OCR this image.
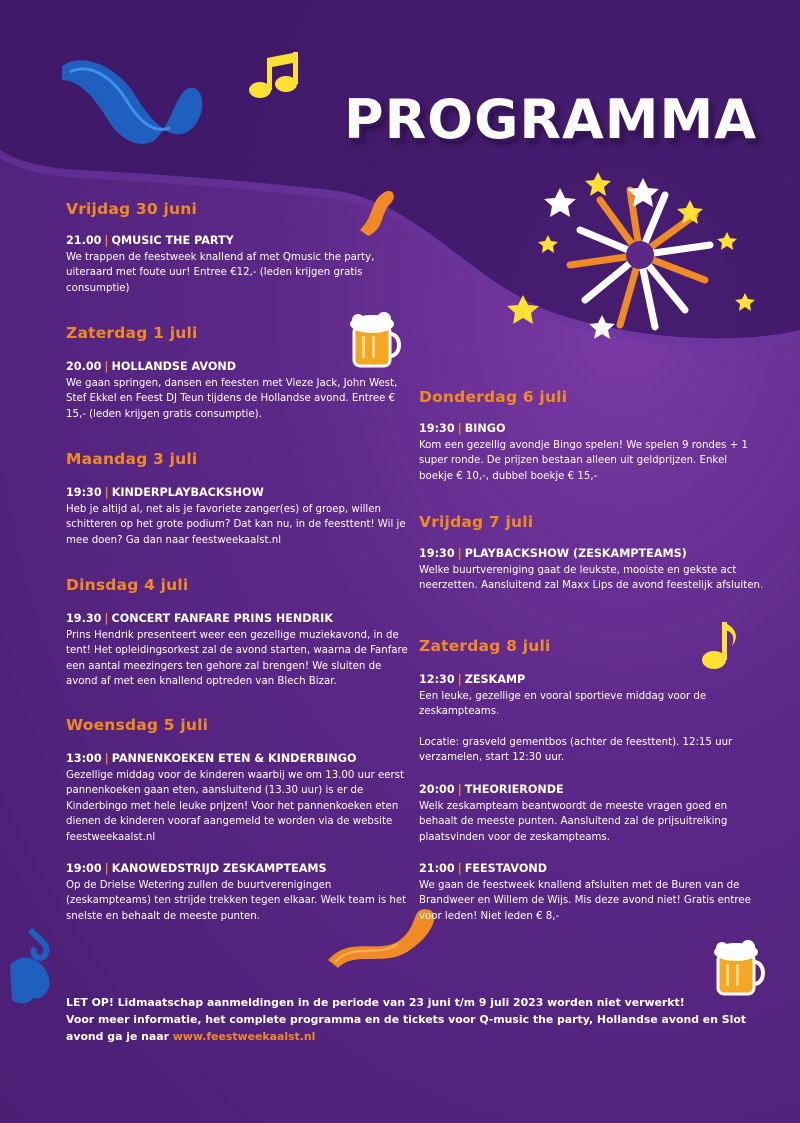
PROGRAMMA
Vrijdag 30 juni
21.00 | QMUSIC THE PARTY
We trappen de feestweek knallend af met Qmusic the party, uiteraard met foute uur! Entree €12,- (leden krijgen gratis consumptie)
Zaterdag 1 juli
20.00 | HOLLANDSE AVOND
We gaan springen, dansen en feesten met Vieze Jack, John West, Stef Ekkel en Feest DJ Teun tijdens de Hollandse avond. Entree € 15,- (leden krijgen gratis consumptie).
Maandag 3 juli
19:30 | KINDERPLAYBACKSHOW
Heb je altijd al, net als je favoriete zanger(es) of groep, willen schitteren op het grote podium? Dat kan nu, in de feesttent! Wil je mee doen? Ga dan naar feestweekaalst.nl
Dinsdag 4 juli
19.30 | CONCERT FANFARE PRINS HENDRIK
Prins Hendrik presenteert weer een gezellige muziekavond, in de tent! Het opleidingsorkest zal de avond starten, waarna de Fanfare een aantal meezingers ten gehore zal brengen! We sluiten de avond af met een knallend optreden van Blech Bizar.
Woensdag 5 juli
13:00 | PANNENKOEKEN ETEN & KINDERBINGO
Gezellige middag voor de kinderen waarbij we om 13.00 uur eerst pannenkoeken gaan eten, aansluitend (13.30 uur) is er de Kinderbingo met hele leuke prijzen! Voor het pannenkoeken eten dienen de kinderen vooraf aangemeld te worden via de website feestweekaalst.nl
19:00 | KANOWEDSTRIJD ZESKAMPTEAMS
Op de Drielse Wetering zullen de buurtverenigingen (zeskampteams) ten strijde trekken tegen elkaar. Welk team is het snelste en behaalt de meeste punten.
Donderdag 6 juli
19:30 | BINGO
Kom een gezellig avondje Bingo spelen! We spelen 9 rondes + 1 super ronde. De prijzen bestaan alleen uit geldprijzen. Enkel boekje € 10,-, dubbel boekje € 15,-
Vrijdag 7 juli
19:30 | PLAYBACKSHOW (ZESKAMPTEAMS)
Welke buurtvereniging gaat de leukste, mooiste en gekste act neerzetten. Aansluitend zal Maxx Lips de avond feestelijk afsluiten.
Zaterdag 8 juli
12:30 | ZESKAMP
Een leuke, gezellige en vooral sportieve middag voor de zeskampteams.
Locatie: grasveld gementbos (achter de feesttent). 12:15 uur verzamelen, start 12:30 uur.
20:00 | THEORIERONDE
Welk zeskampteam beantwoordt de meeste vragen goed en behaalt de meeste punten. Aansluitend zal de prijsuitreiking plaatsvinden voor de zeskampteams.
21:00 | FEESTAVOND
We gaan de feestweek knallend afsluiten met de Buren van de Brandweer en Willem de Wijs. Mis deze avond niet! Gratis entree voor leden! Niet leden € 8,-
LET OP! Lidmaatschap aanmeldingen in de periode van 23 juni t/m 9 juli 2023 worden niet verwerkt!
Voor meer informatie, het complete programma en de tickets voor Q-music the party, Hollandse avond en Slot avond ga je naar www.feestweekaalst.nl
